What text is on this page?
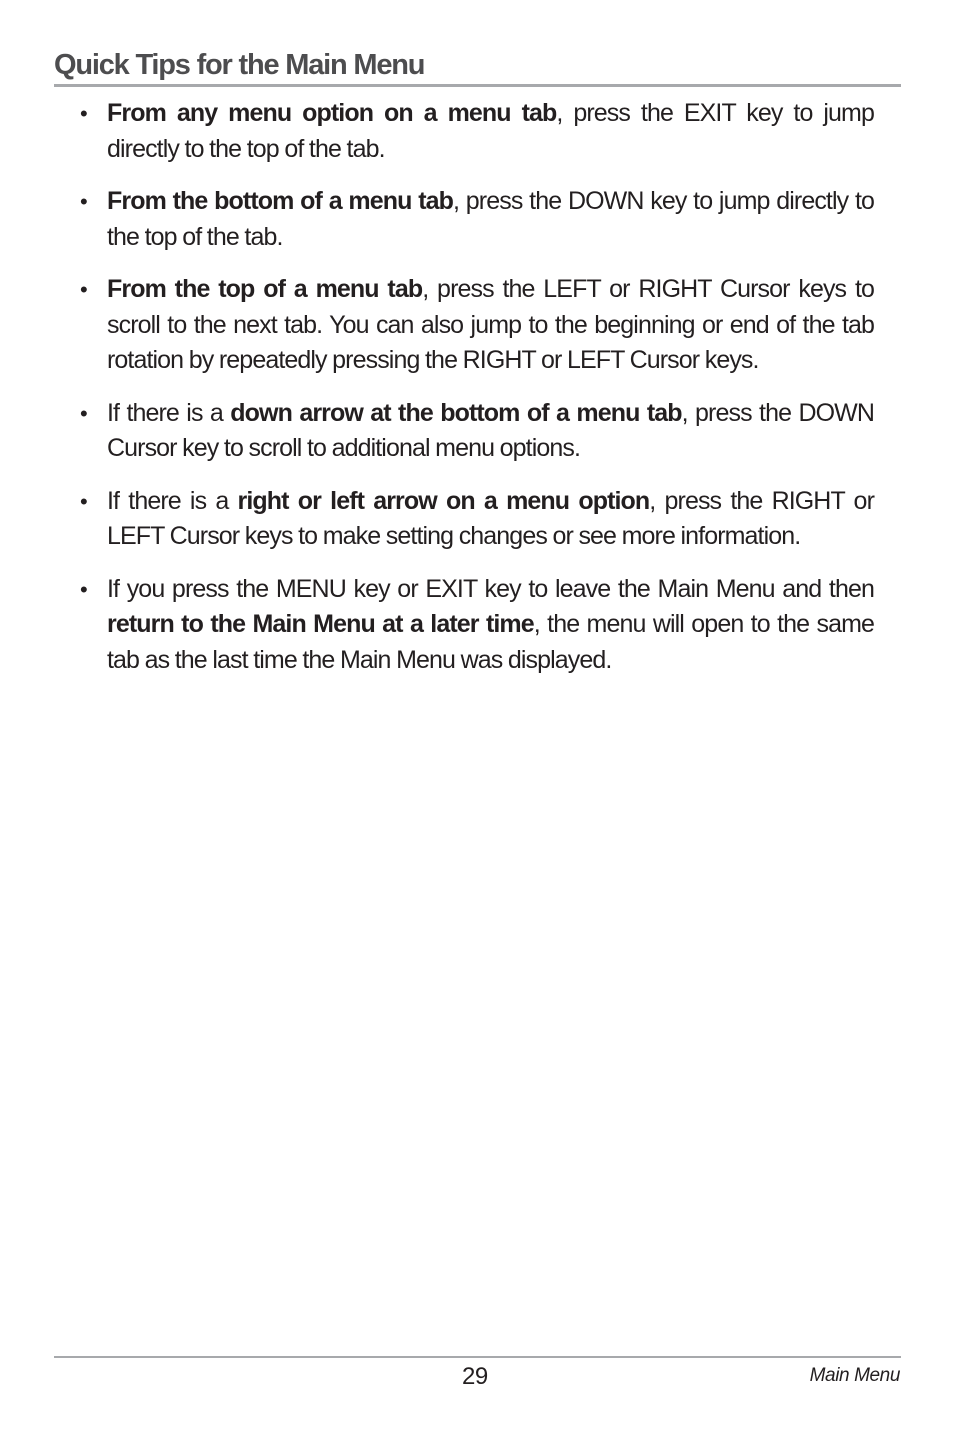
Quick Tips for the Main Menu
• From any menu option on a menu tab, press the EXIT key to jump directly to the top of the tab.
• From the bottom of a menu tab, press the DOWN key to jump directly to the top of the tab.
• From the top of a menu tab, press the LEFT or RIGHT Cursor keys to scroll to the next tab. You can also jump to the beginning or end of the tab rotation by repeatedly pressing the RIGHT or LEFT Cursor keys.
• If there is a down arrow at the bottom of a menu tab, press the DOWN Cursor key to scroll to additional menu options.
• If there is a right or left arrow on a menu option, press the RIGHT or LEFT Cursor keys to make setting changes or see more information.
• If you press the MENU key or EXIT key to leave the Main Menu and then return to the Main Menu at a later time, the menu will open to the same tab as the last time the Main Menu was displayed.
29	Main Menu
